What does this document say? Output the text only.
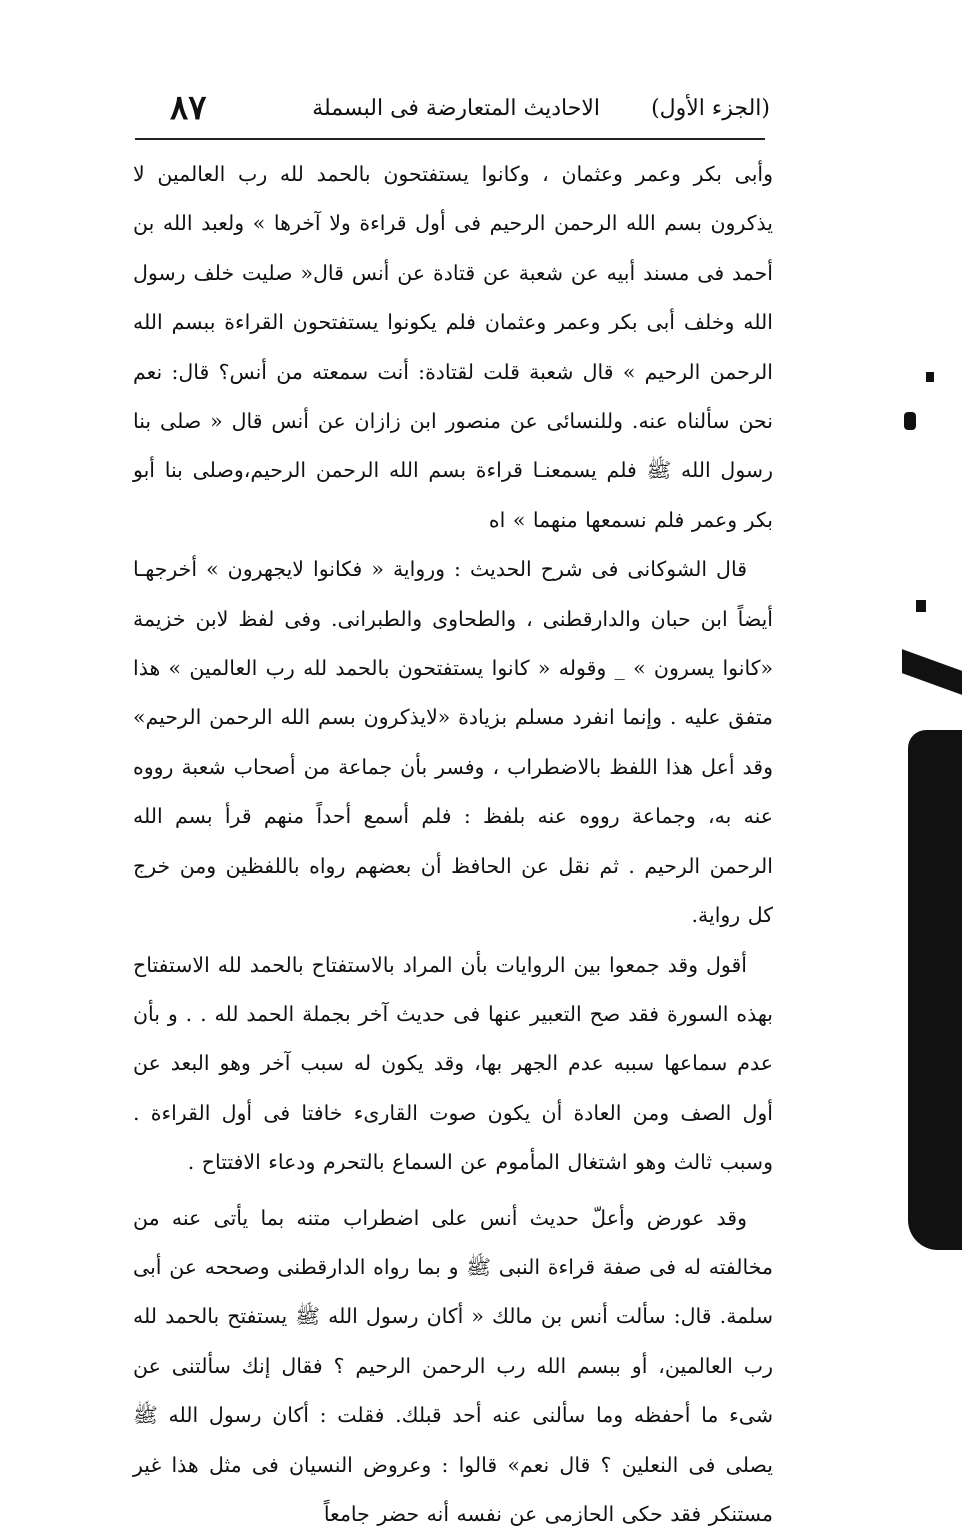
(الجزء الأول)
الاحاديث المتعارضة فى البسملة
٨٧

وأبى بكر وعمر وعثمان ، وكانوا يستفتحون بالحمد لله رب العالمين لا يذكرون بسم الله الرحمن الرحيم فى أول قراءة ولا آخرها » ولعبد الله بن أحمد فى مسند أبيه عن شعبة عن قتادة عن أنس قال« صليت خلف رسول الله وخلف أبى بكر وعمر وعثمان فلم يكونوا يستفتحون القراءة ببسم الله الرحمن الرحيم » قال شعبة قلت لقتادة: أنت سمعته من أنس؟ قال: نعم نحن سألناه عنه. وللنسائى عن منصور ابن زازان عن أنس قال « صلى بنا رسول الله ﷺ فلم يسمعنـا قراءة بسم الله الرحمن الرحيم،وصلى بنا أبو بكر وعمر فلم نسمعها منهما » اه

قال الشوكانى فى شرح الحديث : ورواية « فكانوا لايجهرون » أخرجهـا أيضاً ابن حبان والدارقطنى ، والطحاوى والطبرانى. وفى لفظ لابن خزيمة «كانوا يسرون » _ وقوله « كانوا يستفتحون بالحمد لله رب العالمين » هذا متفق عليه . وإنما انفرد مسلم بزيادة «لايذكرون بسم الله الرحمن الرحيم» وقد أعل هذا اللفظ بالاضطراب ، وفسر بأن جماعة من أصحاب شعبة رووه عنه به، وجماعة رووه عنه بلفظ : فلم أسمع أحداً منهم قرأ بسم الله الرحمن الرحيم . ثم نقل عن الحافظ أن بعضهم رواه باللفظين ومن خرج كل رواية.

أقول وقد جمعوا بين الروايات بأن المراد بالاستفتاح بالحمد لله الاستفتاح بهذه السورة فقد صح التعبير عنها فى حديث آخر بجملة الحمد لله . . و بأن عدم سماعها سببه عدم الجهر بها، وقد يكون له سبب آخر وهو البعد عن أول الصف ومن العادة أن يكون صوت القارىء خافتا فى أول القراءة . وسبب ثالث وهو اشتغال المأموم عن السماع بالتحرم ودعاء الافتتاح .

وقد عورض وأعلّ حديث أنس على اضطراب متنه بما يأتى عنه من مخالفته له فى صفة قراءة النبى ﷺ و بما رواه الدارقطنى وصححه عن أبى سلمة. قال: سألت أنس بن مالك « أكان رسول الله ﷺ يستفتح بالحمد لله رب العالمين، أو ببسم الله رب الرحمن الرحيم ؟ فقال إنك سألتنى عن شىء ما أحفظه وما سألنى عنه أحد قبلك. فقلت : أكان رسول الله ﷺ يصلى فى النعلين ؟ قال نعم» قالوا : وعروض النسيان فى مثل هذا غير مستنكر فقد حكى الحازمى عن نفسه أنه حضر جامعاً
